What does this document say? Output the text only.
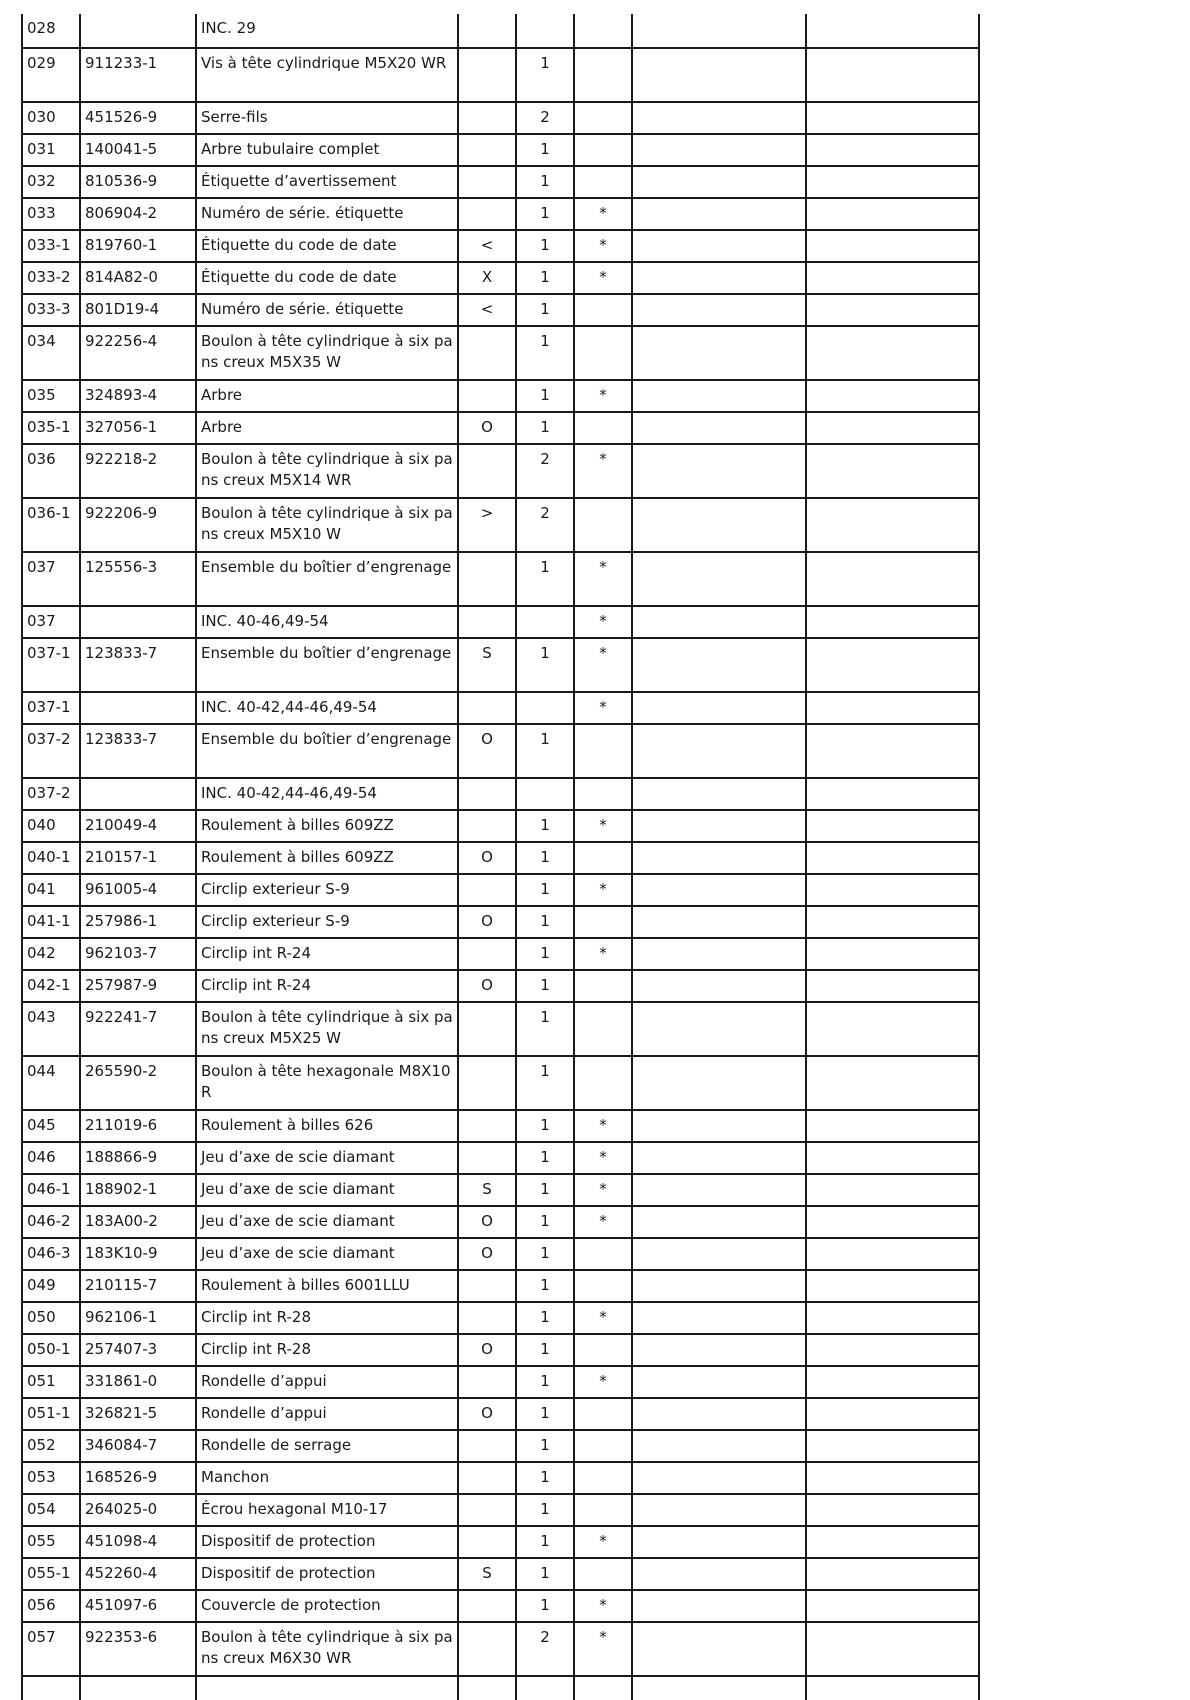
028		INC. 29					
029	911233-1	Vis à tête cylindrique M5X20 WR		1			
030	451526-9	Serre-fils		2			
031	140041-5	Arbre tubulaire complet		1			
032	810536-9	Étiquette d’avertissement		1			
033	806904-2	Numéro de série. étiquette		1	*		
033-1	819760-1	Étiquette du code de date	<	1	*		
033-2	814A82-0	Étiquette du code de date	X	1	*		
033-3	801D19-4	Numéro de série. étiquette	<	1			
034	922256-4	Boulon à tête cylindrique à six pans creux M5X35 W		1			
035	324893-4	Arbre		1	*		
035-1	327056-1	Arbre	O	1			
036	922218-2	Boulon à tête cylindrique à six pans creux M5X14 WR		2	*		
036-1	922206-9	Boulon à tête cylindrique à six pans creux M5X10 W	>	2			
037	125556-3	Ensemble du boîtier d’engrenage		1	*		
037		INC. 40-46,49-54			*		
037-1	123833-7	Ensemble du boîtier d’engrenage	S	1	*		
037-1		INC. 40-42,44-46,49-54			*		
037-2	123833-7	Ensemble du boîtier d’engrenage	O	1			
037-2		INC. 40-42,44-46,49-54					
040	210049-4	Roulement à billes 609ZZ		1	*		
040-1	210157-1	Roulement à billes 609ZZ	O	1			
041	961005-4	Circlip exterieur S-9		1	*		
041-1	257986-1	Circlip exterieur S-9	O	1			
042	962103-7	Circlip int R-24		1	*		
042-1	257987-9	Circlip int R-24	O	1			
043	922241-7	Boulon à tête cylindrique à six pans creux M5X25 W		1			
044	265590-2	Boulon à tête hexagonale M8X10 R		1			
045	211019-6	Roulement à billes 626		1	*		
046	188866-9	Jeu d’axe de scie diamant		1	*		
046-1	188902-1	Jeu d’axe de scie diamant	S	1	*		
046-2	183A00-2	Jeu d’axe de scie diamant	O	1	*		
046-3	183K10-9	Jeu d’axe de scie diamant	O	1			
049	210115-7	Roulement à billes 6001LLU		1			
050	962106-1	Circlip int R-28		1	*		
050-1	257407-3	Circlip int R-28	O	1			
051	331861-0	Rondelle d’appui		1	*		
051-1	326821-5	Rondelle d’appui	O	1			
052	346084-7	Rondelle de serrage		1			
053	168526-9	Manchon		1			
054	264025-0	Écrou hexagonal M10-17		1			
055	451098-4	Dispositif de protection		1	*		
055-1	452260-4	Dispositif de protection	S	1			
056	451097-6	Couvercle de protection		1	*		
057	922353-6	Boulon à tête cylindrique à six pans creux M6X30 WR		2	*		
